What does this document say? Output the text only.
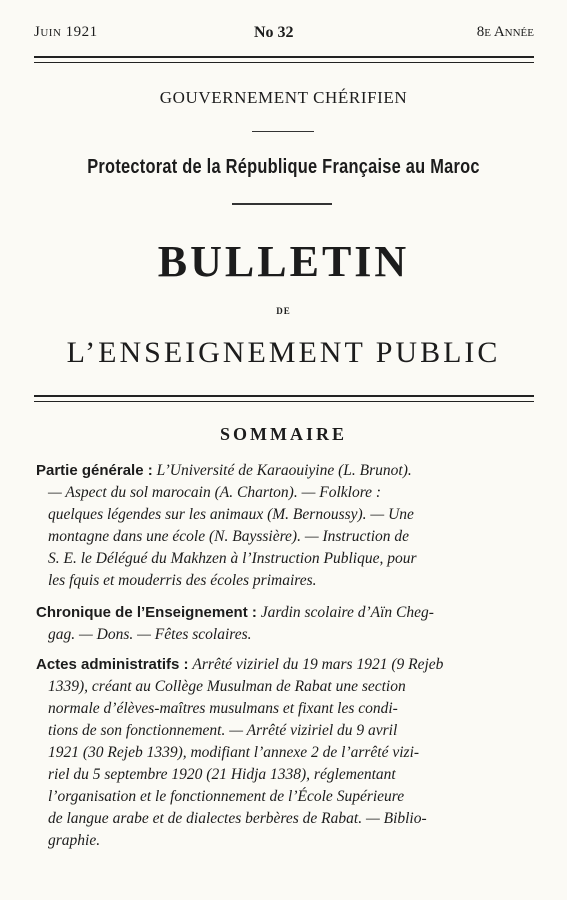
Juin 1921	No 32	8e Année
GOUVERNEMENT CHÉRIFIEN
Protectorat de la République Française au Maroc
BULLETIN
DE
L’ENSEIGNEMENT PUBLIC
SOMMAIRE
Partie générale : L’Université de Karaouiyine (L. Brunot).
— Aspect du sol marocain (A. Charton). — Folklore :
quelques légendes sur les animaux (M. Bernoussy). — Une
montagne dans une école (N. Bayssière). — Instruction de
S. E. le Délégué du Makhzen à l’Instruction Publique, pour
les fquis et mouderris des écoles primaires.
Chronique de l’Enseignement : Jardin scolaire d’Aïn Cheg-
gag. — Dons. — Fêtes scolaires.
Actes administratifs : Arrêté viziriel du 19 mars 1921 (9 Rejeb
1339), créant au Collège Musulman de Rabat une section
normale d’élèves-maîtres musulmans et fixant les condi-
tions de son fonctionnement. — Arrêté viziriel du 9 avril
1921 (30 Rejeb 1339), modifiant l’annexe 2 de l’arrêté vizi-
riel du 5 septembre 1920 (21 Hidja 1338), réglementant
l’organisation et le fonctionnement de l’École Supérieure
de langue arabe et de dialectes berbères de Rabat. — Biblio-
graphie.
